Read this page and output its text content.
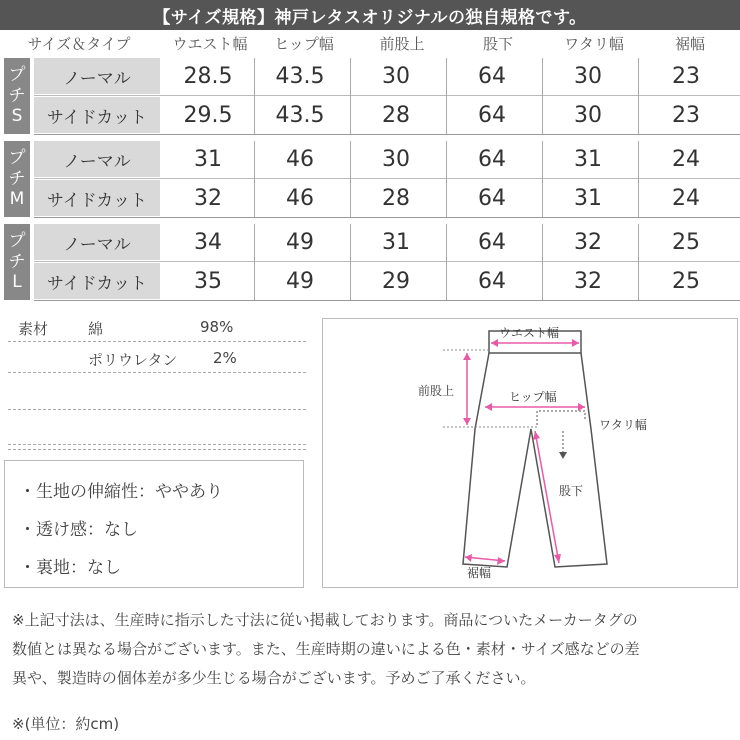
【サイズ規格】神戸レタスオリジナルの独自規格です。
サイズ＆タイプ	ウエスト幅	ヒップ幅	前股上	股下	ワタリ幅	裾幅
プ
チ
S
ノーマル	28.5	43.5	30	64	30	23
サイドカット	29.5	43.5	28	64	30	23
プ
チ
M
ノーマル	31	46	30	64	31	24
サイドカット	32	46	28	64	31	24
プ
チ
L
ノーマル	34	49	31	64	32	25
サイドカット	35	49	29	64	32	25
素材	綿	98%
ポリウレタン 2%
・生地の伸縮性：ややあり
・透け感：なし
・裏地：なし
ウエスト幅
前股上	ヒップ幅
ワタリ幅
股下
裾幅
※上記寸法は、生産時に指示した寸法に従い掲載しております。商品についたメーカータグの
数値とは異なる場合がございます。また、生産時期の違いによる色・素材・サイズ感などの差
異や、製造時の個体差が多少生じる場合がございます。予めご了承ください。
※(単位：約cm)
